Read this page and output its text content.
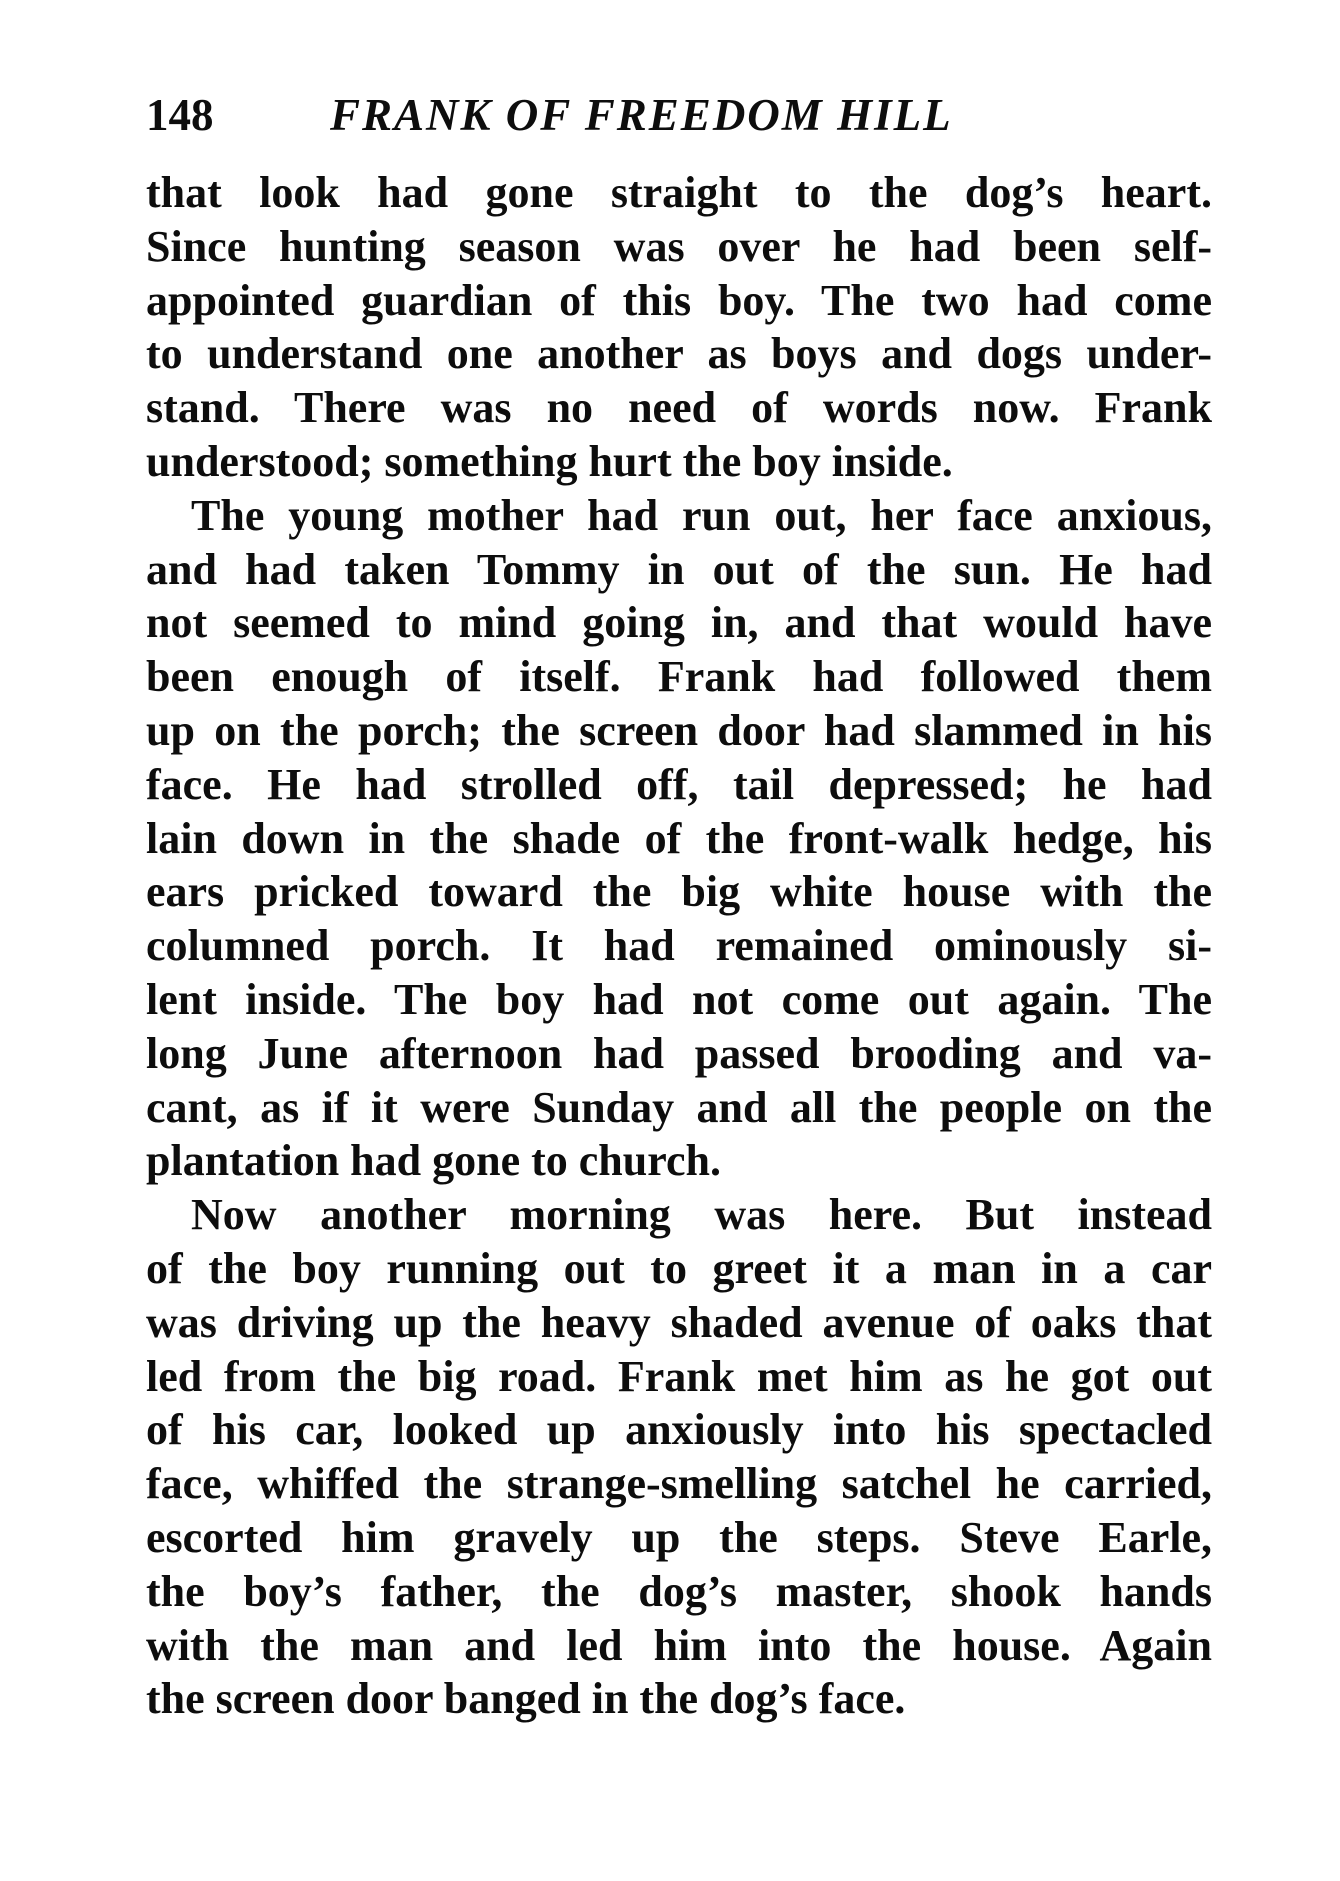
148	FRANK OF FREEDOM HILL

that look had gone straight to the dog’s heart.
Since hunting season was over he had been self-
appointed guardian of this boy. The two had come
to understand one another as boys and dogs under-
stand. There was no need of words now. Frank
understood; something hurt the boy inside.

The young mother had run out, her face anxious,
and had taken Tommy in out of the sun. He had
not seemed to mind going in, and that would have
been enough of itself. Frank had followed them
up on the porch; the screen door had slammed in his
face. He had strolled off, tail depressed; he had
lain down in the shade of the front-walk hedge, his
ears pricked toward the big white house with the
columned porch. It had remained ominously si-
lent inside. The boy had not come out again. The
long June afternoon had passed brooding and va-
cant, as if it were Sunday and all the people on the
plantation had gone to church.

Now another morning was here. But instead
of the boy running out to greet it a man in a car
was driving up the heavy shaded avenue of oaks that
led from the big road. Frank met him as he got out
of his car, looked up anxiously into his spectacled
face, whiffed the strange-smelling satchel he carried,
escorted him gravely up the steps. Steve Earle,
the boy’s father, the dog’s master, shook hands
with the man and led him into the house. Again
the screen door banged in the dog’s face.
